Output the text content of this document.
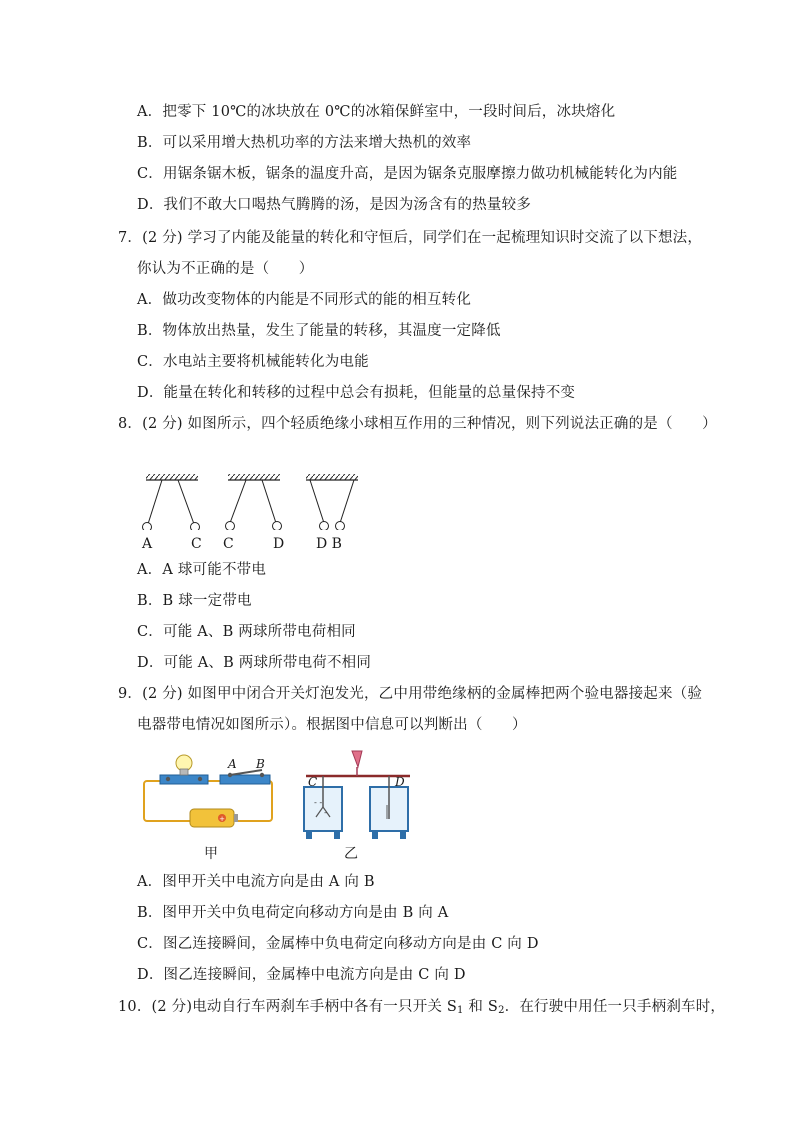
A．把零下 10℃的冰块放在 0℃的冰箱保鲜室中，一段时间后，冰块熔化
B．可以采用增大热机功率的方法来增大热机的效率
C．用锯条锯木板，锯条的温度升高，是因为锯条克服摩擦力做功机械能转化为内能
D．我们不敢大口喝热气腾腾的汤，是因为汤含有的热量较多
7．(2 分) 学习了内能及能量的转化和守恒后，同学们在一起梳理知识时交流了以下想法，
你认为不正确的是（　　）
A．做功改变物体的内能是不同形式的能的相互转化
B．物体放出热量，发生了能量的转移，其温度一定降低
C．水电站主要将机械能转化为电能
D．能量在转化和转移的过程中总会有损耗，但能量的总量保持不变
8．(2 分) 如图所示，四个轻质绝缘小球相互作用的三种情况，则下列说法正确的是（　　）
A	C C	D D B
A．A 球可能不带电
B．B 球一定带电
C．可能 A、B 两球所带电荷相同
D．可能 A、B 两球所带电荷不相同
9．(2 分) 如图甲中闭合开关灯泡发光，乙中用带绝缘柄的金属棒把两个验电器接起来（验
电器带电情况如图所示）。根据图中信息可以判断出（　　）
+
- -
-
A B
C	D
甲	乙
A．图甲开关中电流方向是由 A 向 B
B．图甲开关中负电荷定向移动方向是由 B 向 A
C．图乙连接瞬间，金属棒中负电荷定向移动方向是由 C 向 D
D．图乙连接瞬间，金属棒中电流方向是由 C 向 D
10．(2 分)电动自行车两刹车手柄中各有一只开关 $S_1$ 和 $S_2$．在行驶中用任一只手柄刹车时，
